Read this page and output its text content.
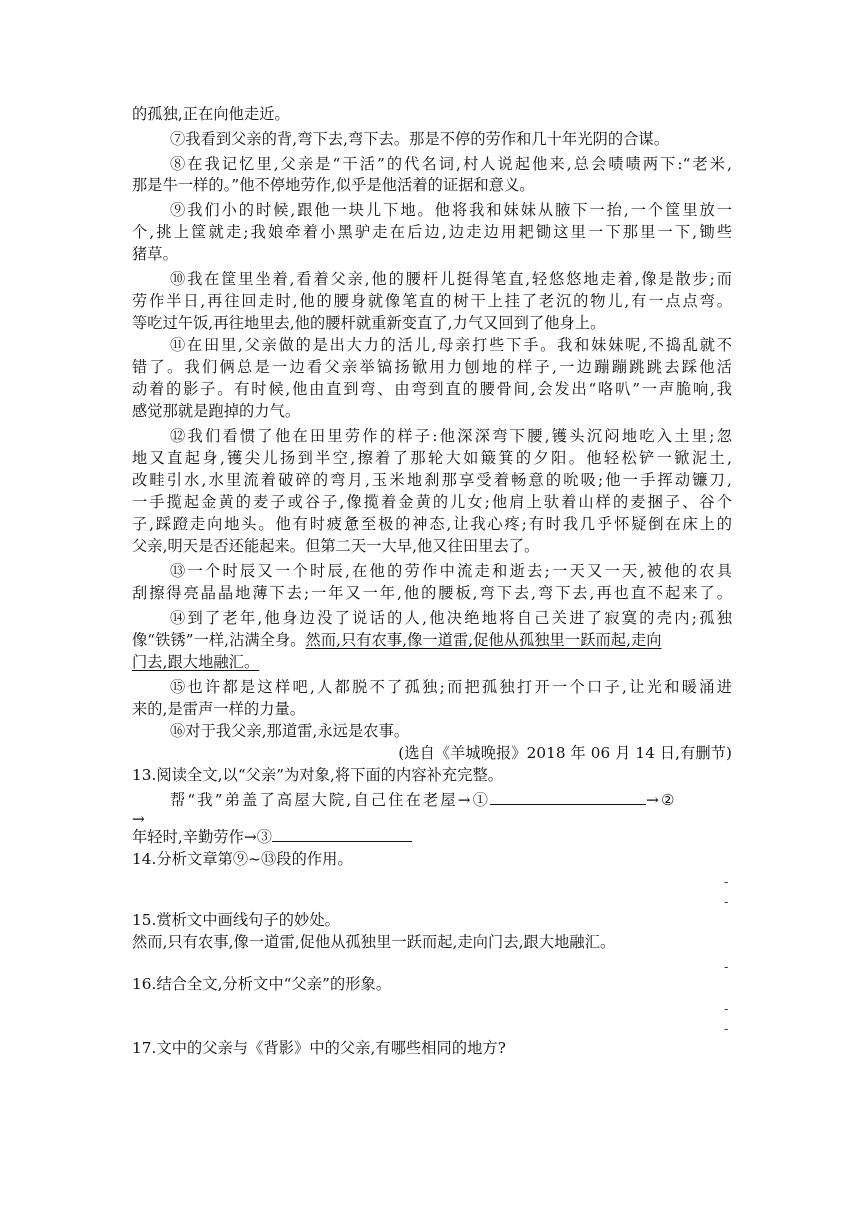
的孤独,正在向他走近。
⑦我看到父亲的背,弯下去,弯下去。那是不停的劳作和几十年光阴的合谋。
⑧在我记忆里,父亲是“干活”的代名词,村人说起他来,总会啧啧两下:“老米,
那是牛一样的。”他不停地劳作,似乎是他活着的证据和意义。
⑨我们小的时候,跟他一块儿下地。他将我和妹妹从腋下一抬,一个筐里放一
个,挑上筐就走;我娘牵着小黑驴走在后边,边走边用耙锄这里一下那里一下,锄些
猪草。
⑩我在筐里坐着,看着父亲,他的腰杆儿挺得笔直,轻悠悠地走着,像是散步;而
劳作半日,再往回走时,他的腰身就像笔直的树干上挂了老沉的物儿,有一点点弯。
等吃过午饭,再往地里去,他的腰杆就重新变直了,力气又回到了他身上。
⑪在田里,父亲做的是出大力的活儿,母亲打些下手。我和妹妹呢,不捣乱就不
错了。我们俩总是一边看父亲举镐扬锨用力刨地的样子,一边蹦蹦跳跳去踩他活
动着的影子。有时候,他由直到弯、由弯到直的腰骨间,会发出“咯叭”一声脆响,我
感觉那就是跑掉的力气。
⑫我们看惯了他在田里劳作的样子:他深深弯下腰,镬头沉闷地吃入土里;忽
地又直起身,镬尖儿扬到半空,擦着了那轮大如簸箕的夕阳。他轻松铲一锨泥土,
改畦引水,水里流着破碎的弯月,玉米地刹那享受着畅意的吮吸;他一手挥动镰刀,
一手揽起金黄的麦子或谷子,像揽着金黄的儿女;他肩上驮着山样的麦捆子、谷个
子,踩蹬走向地头。他有时疲惫至极的神态,让我心疼;有时我几乎怀疑倒在床上的
父亲,明天是否还能起来。但第二天一大早,他又往田里去了。
⑬一个时辰又一个时辰,在他的劳作中流走和逝去;一天又一天,被他的农具
刮擦得亮晶晶地薄下去;一年又一年,他的腰板,弯下去,弯下去,再也直不起来了。
⑭到了老年,他身边没了说话的人,他决绝地将自己关进了寂寞的壳内;孤独
像“铁锈”一样,沾满全身。然而,只有农事,像一道雷,促他从孤独里一跃而起,走向
门去,跟大地融汇。
⑮也许都是这样吧,人都脱不了孤独;而把孤独打开一个口子,让光和暖涌进
来的,是雷声一样的力量。
⑯对于我父亲,那道雷,永远是农事。
(选自《羊城晚报》2018 年 06 月 14 日,有删节)
13.阅读全文,以“父亲”为对象,将下面的内容补充完整。
帮“我”弟盖了高屋大院,自己住在老屋→①	→②
→
年轻时,辛勤劳作→③
14.分析文章第⑨~⑬段的作用。
-
-
15.赏析文中画线句子的妙处。
然而,只有农事,像一道雷,促他从孤独里一跃而起,走向门去,跟大地融汇。
-
16.结合全文,分析文中“父亲”的形象。
-
-
17.文中的父亲与《背影》中的父亲,有哪些相同的地方?
